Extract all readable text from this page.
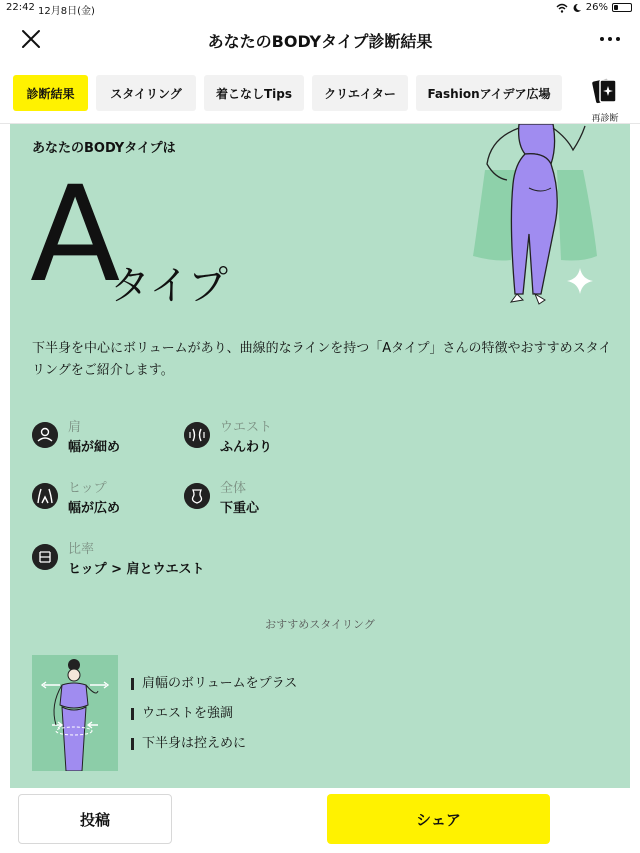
22:42 12月8日(金)	26%
あなたのBODYタイプ診断結果
診断結果	スタイリング	着こなしTips	クリエイター	Fashionアイデア広場
再診断
あなたのBODYタイプは
A
タイプ
下半身を中心にボリュームがあり、曲線的なラインを持つ「Aタイプ」さんの特徴やおすすめスタイリングをご紹介します。
肩
幅が細め
ウエスト
ふんわり
ヒップ
幅が広め
全体
下重心
比率
ヒップ > 肩とウエスト
おすすめスタイリング
肩幅のボリュームをプラス
ウエストを強調
下半身は控えめに
投稿	シェア
